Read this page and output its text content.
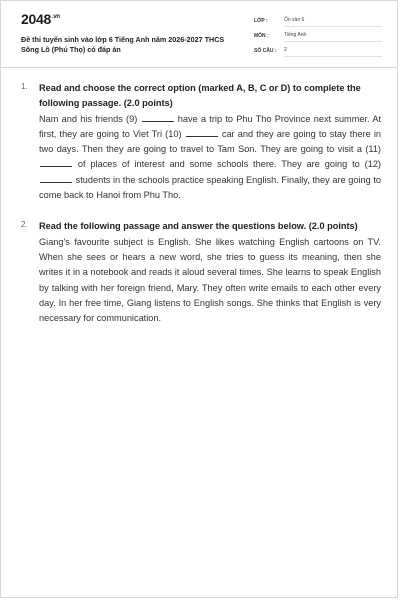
$2048^{.vn}$
Đề thi tuyển sinh vào lớp 6 Tiếng Anh năm 2026-2027 THCS Sông Lô (Phú Thọ) có đáp án
LỚP :	Ôn vào 6
MÔN :	Tiếng Anh
SỐ CÂU : 2
1. Read and choose the correct option (marked A, B, C or D) to complete the following passage. (2.0 points)
Nam and his friends (9)	have a trip to Phu Tho Province next summer. At first, they are going to Viet Tri (10)	car and they are going to stay there in two days. Then they are going to travel to Tam Son. They are going to visit a (11)  of places of interest and some schools there. They are going to (12)  students in the schools practice speaking English. Finally, they are going to come back to Hanoi from Phu Tho.
2. Read the following passage and answer the questions below. (2.0 points)
Giang's favourite subject is English. She likes watching English cartoons on TV. When she sees or hears a new word, she tries to guess its meaning, then she writes it in a notebook and reads it aloud several times. She learns to speak English by talking with her foreign friend, Mary. They often write emails to each other every day. In her free time, Giang listens to English songs. She thinks that English is very necessary for communication.
